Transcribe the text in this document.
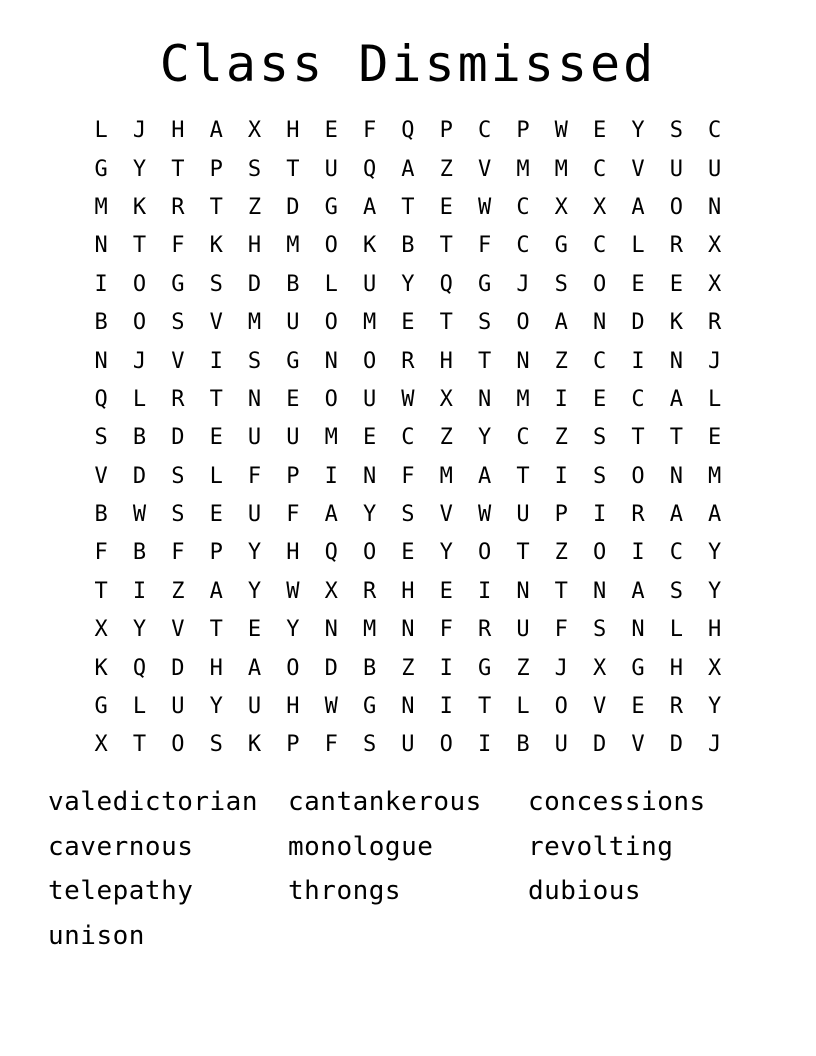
Class Dismissed
L	J	H	A	X	H	E	F	Q	P	C	P	W	E	Y	S	C
G	Y	T	P	S	T	U	Q	A	Z	V	M	M	C	V	U	U
M	K	R	T	Z	D	G	A	T	E	W	C	X	X	A	O	N
N	T	F	K	H	M	O	K	B	T	F	C	G	C	L	R	X
I	O	G	S	D	B	L	U	Y	Q	G	J	S	O	E	E	X
B	O	S	V	M	U	O	M	E	T	S	O	A	N	D	K	R
N	J	V	I	S	G	N	O	R	H	T	N	Z	C	I	N	J
Q	L	R	T	N	E	O	U	W	X	N	M	I	E	C	A	L
S	B	D	E	U	U	M	E	C	Z	Y	C	Z	S	T	T	E
V	D	S	L	F	P	I	N	F	M	A	T	I	S	O	N	M
B	W	S	E	U	F	A	Y	S	V	W	U	P	I	R	A	A
F	B	F	P	Y	H	Q	O	E	Y	O	T	Z	O	I	C	Y
T	I	Z	A	Y	W	X	R	H	E	I	N	T	N	A	S	Y
X	Y	V	T	E	Y	N	M	N	F	R	U	F	S	N	L	H
K	Q	D	H	A	O	D	B	Z	I	G	Z	J	X	G	H	X
G	L	U	Y	U	H	W	G	N	I	T	L	O	V	E	R	Y
X	T	O	S	K	P	F	S	U	O	I	B	U	D	V	D	J
valedictorian	cantankerous	concessions
cavernous	monologue	revolting
telepathy	throngs	dubious
unison
